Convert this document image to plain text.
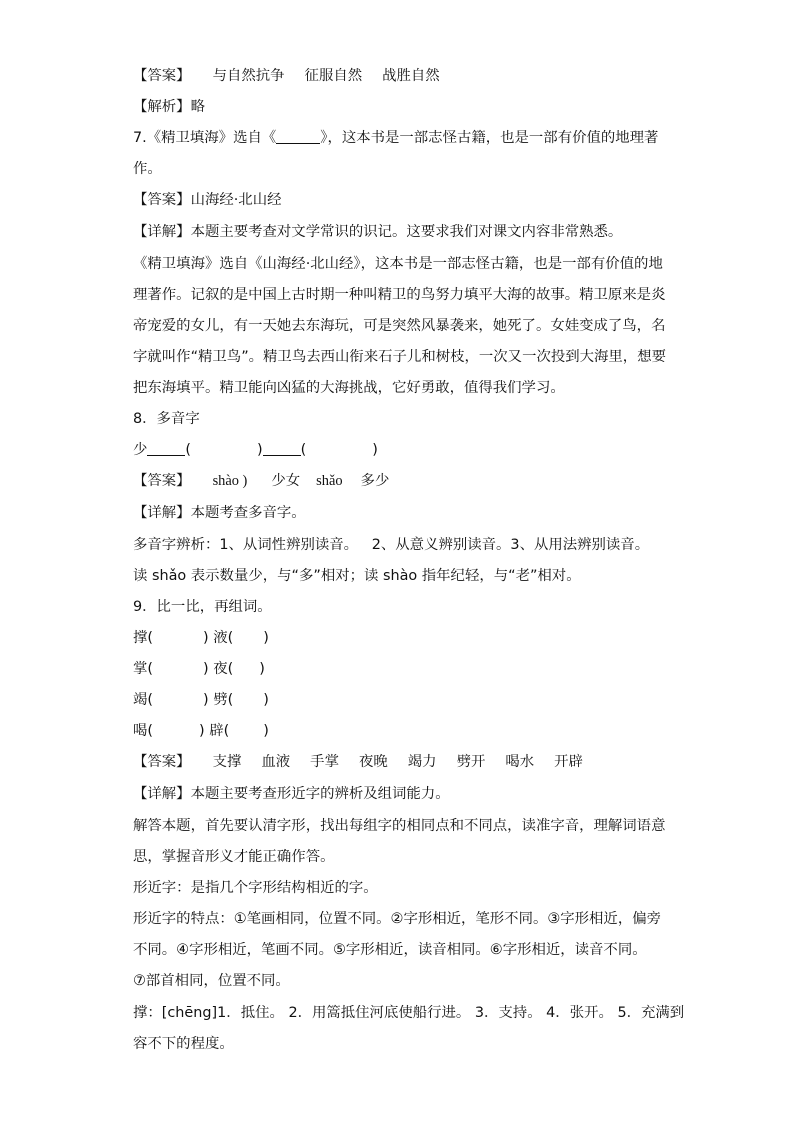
【答案】 与自然抗争 征服自然 战胜自然
【解析】略
7.《精卫填海》选自《	》，这本书是一部志怪古籍，也是一部有价值的地理著
作。
【答案】山海经·北山经
【详解】本题主要考查对文学常识的识记。这要求我们对课文内容非常熟悉。
《精卫填海》选自《山海经·北山经》，这本书是一部志怪古籍，也是一部有价值的地
理著作。记叙的是中国上古时期一种叫精卫的鸟努力填平大海的故事。精卫原来是炎
帝宠爱的女儿，有一天她去东海玩，可是突然风暴袭来，她死了。女娃变成了鸟，名
字就叫作“精卫鸟”。精卫鸟去西山衔来石子儿和树枝，一次又一次投到大海里，想要
把东海填平。精卫能向凶猛的大海挑战，它好勇敢，值得我们学习。
8．多音字
少	(	)	(	)
【答案】 shào ) 少女 shǎo 多少
【详解】本题考查多音字。
多音字辨析：1、从词性辨别读音。   2、从意义辨别读音。3、从用法辨别读音。
读 shǎo 表示数量少，与“多”相对；读 shào 指年纪轻，与“老”相对。
9．比一比，再组词。
撑(	) 液( )
掌(	) 夜( )
竭(	) 劈( )
喝(	) 辟( )
【答案】 支撑 血液 手掌 夜晚 竭力 劈开 喝水 开辟
【详解】本题主要考查形近字的辨析及组词能力。
解答本题，首先要认清字形，找出每组字的相同点和不同点，读准字音，理解词语意
思，掌握音形义才能正确作答。
形近字：是指几个字形结构相近的字。
形近字的特点：①笔画相同，位置不同。②字形相近，笔形不同。③字形相近，偏旁
不同。④字形相近，笔画不同。⑤字形相近，读音相同。⑥字形相近，读音不同。
⑦部首相同，位置不同。
撑：[chēng]1．抵住。 2．用篙抵住河底使船行进。 3．支持。 4．张开。 5．充满到
容不下的程度。
